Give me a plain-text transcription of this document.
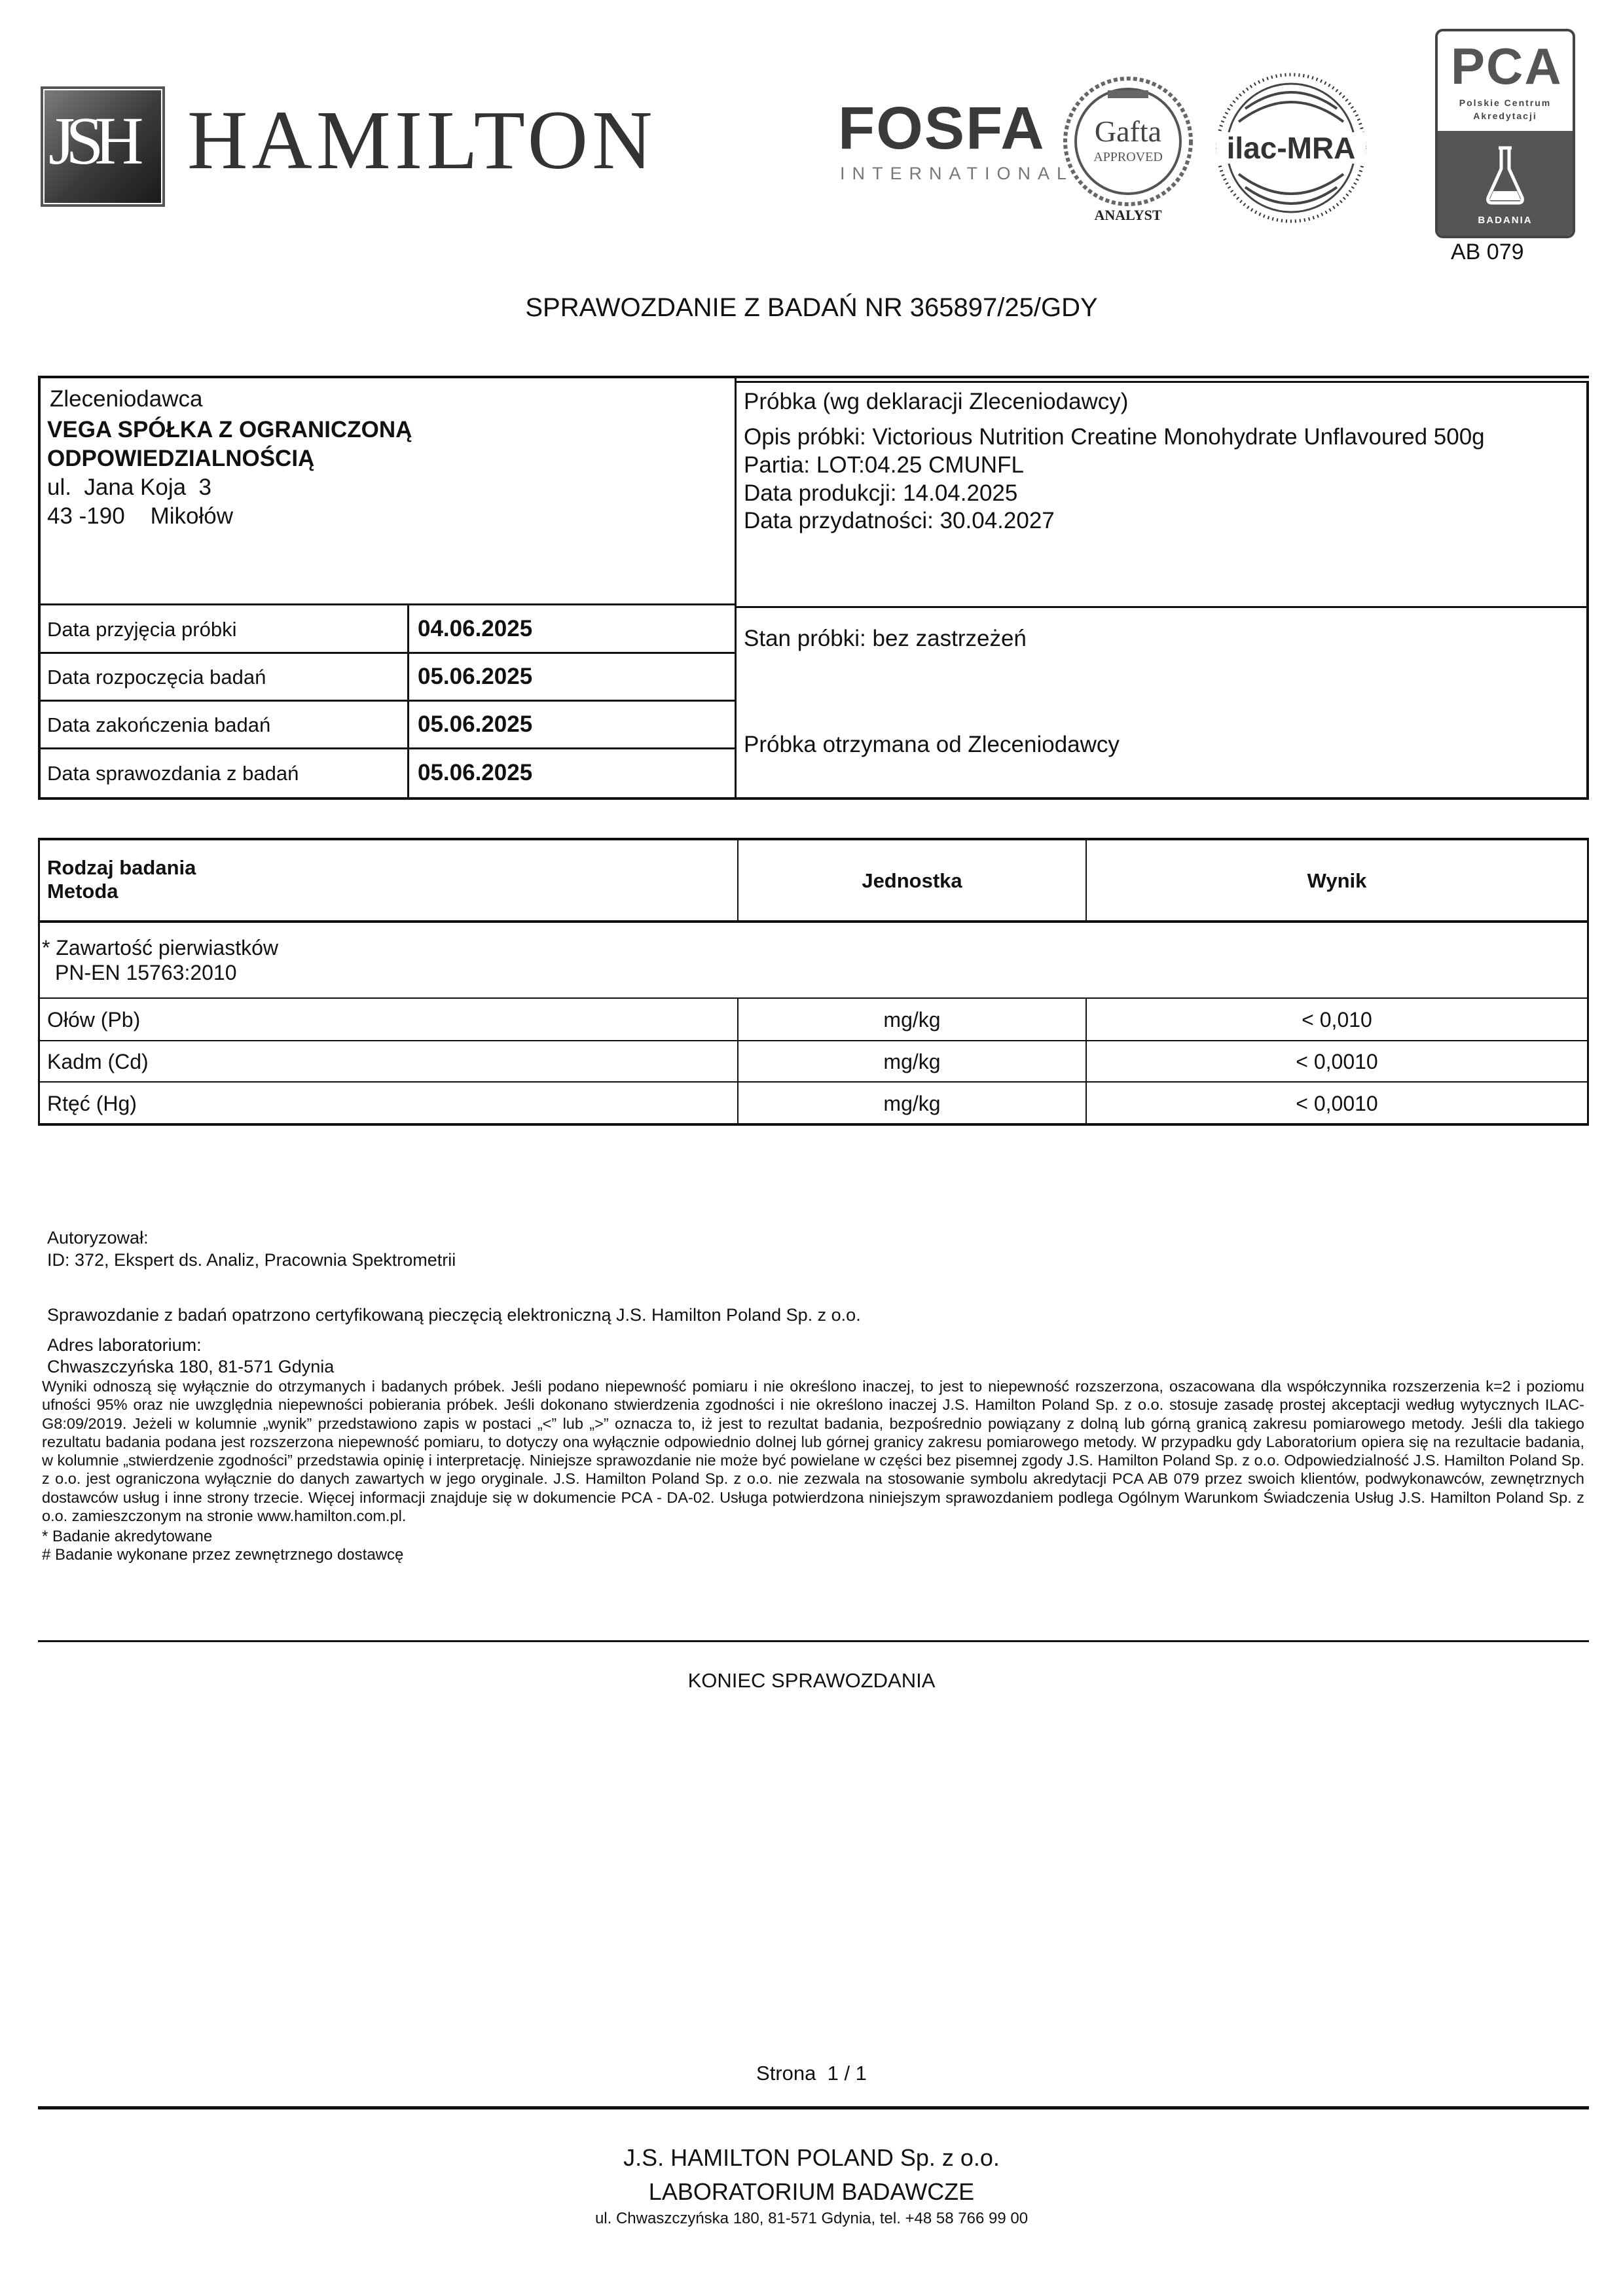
JSH HAMILTON	FOSFA
INTERNATIONAL
Gafta
APPROVED
ANALYST
ilac-MRA
PCA
Polskie Centrum Akredytacji
BADANIA
AB 079
SPRAWOZDANIE Z BADAŃ NR 365897/25/GDY
Zleceniodawca
VEGA SPÓŁKA Z OGRANICZONĄ
ODPOWIEDZIALNOŚCIĄ
ul.  Jana Koja  3
43 -190    Mikołów
Próbka (wg deklaracji Zleceniodawcy)
Opis próbki: Victorious Nutrition Creatine Monohydrate Unflavoured 500g
Partia: LOT:04.25 CMUNFL
Data produkcji: 14.04.2025
Data przydatności: 30.04.2027
Stan próbki: bez zastrzeżeń
Próbka otrzymana od Zleceniodawcy
Data przyjęcia próbki	04.06.2025
Data rozpoczęcia badań	05.06.2025
Data zakończenia badań	05.06.2025
Data sprawozdania z badań	05.06.2025
Rodzaj badania
Metoda	Jednostka	Wynik
* Zawartość pierwiastków
PN-EN 15763:2010
Ołów (Pb)	mg/kg	< 0,010
Kadm (Cd)	mg/kg	< 0,0010
Rtęć (Hg)	mg/kg	< 0,0010
Autoryzował:
ID: 372, Ekspert ds. Analiz, Pracownia Spektrometrii
Sprawozdanie z badań opatrzono certyfikowaną pieczęcią elektroniczną J.S. Hamilton Poland Sp. z o.o.
Adres laboratorium:
Chwaszczyńska 180, 81-571 Gdynia
Wyniki odnoszą się wyłącznie do otrzymanych i badanych próbek. Jeśli podano niepewność pomiaru i nie określono inaczej, to jest to niepewność rozszerzona, oszacowana dla współczynnika rozszerzenia k=2 i poziomu ufności 95% oraz nie uwzględnia niepewności pobierania próbek. Jeśli dokonano stwierdzenia zgodności i nie określono inaczej J.S. Hamilton Poland Sp. z o.o. stosuje zasadę prostej akceptacji według wytycznych ILAC-G8:09/2019. Jeżeli w kolumnie „wynik” przedstawiono zapis w postaci „<” lub „>” oznacza to, iż jest to rezultat badania, bezpośrednio powiązany z dolną lub górną granicą zakresu pomiarowego metody. Jeśli dla takiego rezultatu badania podana jest rozszerzona niepewność pomiaru, to dotyczy ona wyłącznie odpowiednio dolnej lub górnej granicy zakresu pomiarowego metody. W przypadku gdy Laboratorium opiera się na rezultacie badania, w kolumnie „stwierdzenie zgodności” przedstawia opinię i interpretację. Niniejsze sprawozdanie nie może być powielane w części bez pisemnej zgody J.S. Hamilton Poland Sp. z o.o. Odpowiedzialność J.S. Hamilton Poland Sp. z o.o. jest ograniczona wyłącznie do danych zawartych w jego oryginale. J.S. Hamilton Poland Sp. z o.o. nie zezwala na stosowanie symbolu akredytacji PCA AB 079 przez swoich klientów, podwykonawców, zewnętrznych dostawców usług i inne strony trzecie. Więcej informacji znajduje się w dokumencie PCA - DA-02. Usługa potwierdzona niniejszym sprawozdaniem podlega Ogólnym Warunkom Świadczenia Usług J.S. Hamilton Poland Sp. z o.o. zamieszczonym na stronie www.hamilton.com.pl.
* Badanie akredytowane
# Badanie wykonane przez zewnętrznego dostawcę
KONIEC SPRAWOZDANIA
Strona  1 / 1
J.S. HAMILTON POLAND Sp. z o.o.
LABORATORIUM BADAWCZE
ul. Chwaszczyńska 180, 81-571 Gdynia, tel. +48 58 766 99 00
